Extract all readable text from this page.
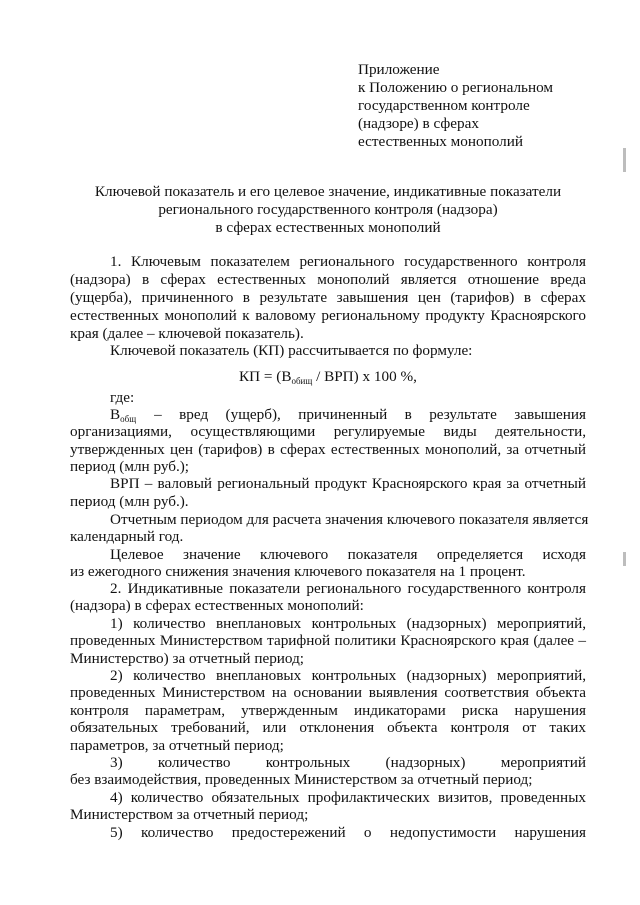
Приложение
к Положению о региональном
государственном контроле
(надзоре) в сферах
естественных монополий
Ключевой показатель и его целевое значение, индикативные показатели
регионального государственного контроля (надзора)
в сферах естественных монополий
1. Ключевым показателем регионального государственного контроля
(надзора) в сферах естественных монополий является отношение вреда
(ущерба), причиненного в результате завышения цен (тарифов) в сферах
естественных монополий к валовому региональному продукту Красноярского
края (далее – ключевой показатель).
Ключевой показатель (КП) рассчитывается по формуле:
КП = (Вобищ / ВРП) х 100 %,
где:
Вобщ – вред (ущерб), причиненный в результате завышения
организациями, осуществляющими регулируемые виды деятельности,
утвержденных цен (тарифов) в сферах естественных монополий, за отчетный
период (млн руб.);
ВРП – валовый региональный продукт Красноярского края за отчетный
период (млн руб.).
Отчетным периодом для расчета значения ключевого показателя является
календарный год.
Целевое значение ключевого показателя определяется исходя
из ежегодного снижения значения ключевого показателя на 1 процент.
2. Индикативные показатели регионального государственного контроля
(надзора) в сферах естественных монополий:
1) количество внеплановых контрольных (надзорных) мероприятий,
проведенных Министерством тарифной политики Красноярского края (далее –
Министерство) за отчетный период;
2) количество внеплановых контрольных (надзорных) мероприятий,
проведенных Министерством на основании выявления соответствия объекта
контроля параметрам, утвержденным индикаторами риска нарушения
обязательных требований, или отклонения объекта контроля от таких
параметров, за отчетный период;
3) количество контрольных (надзорных) мероприятий
без взаимодействия, проведенных Министерством за отчетный период;
4) количество обязательных профилактических визитов, проведенных
Министерством за отчетный период;
5) количество предостережений о недопустимости нарушения
